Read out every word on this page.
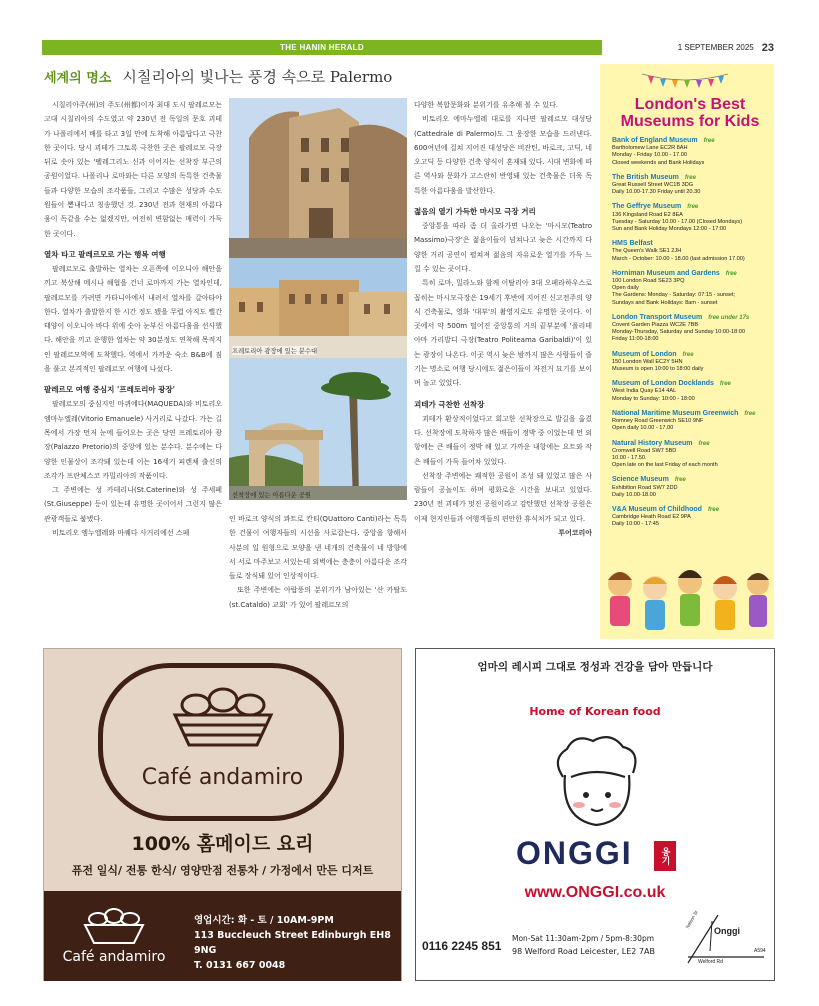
THE HANIN HERALD	1 SEPTEMBER 2025 23
세계의 명소 시칠리아의 빛나는 풍경 속으로 Palermo

시칠리아주(州)의 주도(州都)이자 최대 도시 팔레르모는 고대 시칠리아의 수도였고 약 230년 전 독일의 문호 괴테가 나폴리에서 배를 타고 3일 만에 도착해 아름답다고 극찬한 곳이다. 당시 괴테가 그토록 극찬한 곳은 팔레르모 극장 뒤로 솟아 있는 '펠레그리노 신과 이어지는 선착장 부근의 공원이었다. 나폴리나 로마와는 다른 모양의 독특한 건축물들과 다양한 모습의 조각품들, 그리고 수많은 성당과 수도원들이 뽐내다고 칭송했던 것. 230년 전과 현재의 아름다움이 독같을 수는 없겠지만, 여전히 변함없는 매력이 가득한 곳이다.

열차 타고 팔레르모로 가는 행복 여행

팔레르모로 출발하는 열차는 오픈쪽에 이오니아 해안을 끼고 북상해 메시나 해협을 건너 로마까지 가는 열차인데, 팔레르모를 가려면 카타니아에서 내려서 열차를 갈아타야 한다. 열차가 출발한지 한 시간 정도 됐을 무렵 아직도 뻘간 태양이 이오니아 바다 위에 숫아 눈부신 아름다움을 선사했다. 해안을 끼고 운행한 열차는 약 30분정도 연착해 목적지인 팔레르모역에 도착했다. 역에서 가까운 숙소 B&B에 짐을 풀고 본격적인 팔레르모 여행에 나섰다.

팔레르모 여행 중심지 '프레토리아 광장'

팔레르모의 중심지인 마퀴에다(MAQUEDA)와 비토리오 엠마누엘레(Vitorio Emanuele) 사거리로 나갔다. 가는 길목에서 가장 먼저 눈에 들어오는 곳은 당연 프레토리아 광장(Palazzo Pretorio)의 중앙에 있는 분수다. 분수에는 다양한 인물상이 조각돼 있는데 이는 16세기 피렌체 출신의 조각가 프란체스코 카밀리아의 작품이다.

그 주변에는 성 카테리나(St.Caterine)와 성 주세페(St.Giuseppe) 등이 있는데 유명한 곳이어서 그런지 많은 관광객들로 붐볐다.

비토리오 엠누엘레와 마퀘다 사거리에선 스페

프레토리아 광장에 있는 분수대
선착장에 있는 아름다운 공원

인 바로크 양식의 콰트로 칸티(QUattoro Canti)라는 독특한 건물이 여행자들의 시선을 사로잡는다. 중앙을 향해서 사분의 일 원형으로 모양을 낸 네개의 건축물이 네 방향에서 서로 마주보고 서있는데 외벽에는 층층이 아름다운 조각들로 장식돼 있어 인상적이다.

또한 주변에는 아랍풍의 분위기가 남아있는 '산 카탈도(st.Cataldo) 교회' 가 있어 팔레르모의

다양한 복합문화와 분위기를 유추해 볼 수 있다.

비토리오 에마누엘레 대로를 지나면 팔레르모 대성당(Cattedrale di Palermo)도 그 웅장한 모습을 드러낸다. 600여년에 걸쳐 지어진 대성당은 비잔틴, 바로크, 고딕, 네오고딕 등 다양한 건축 양식이 혼재돼 있다. 시대 변화에 따른 역사와 문화가 고스란히 반영돼 있는 건축물은 더욱 독특한 아름다움을 발산한다.

젊음의 열기 가득한 마시모 극장 거리

중앙통을 따라 좀 더 올라가면 나오는 '마시모(Teatro Massimo)극장'은 젊음이들이 넘쳐나고 늦은 시간까지 다양한 거리 공연이 펼쳐져 젊음의 자유로운 열기를 가득 느낄 수 있는 곳이다.

특히 로마, 밀라노와 함께 이탈리아 3대 오페라하우스로 꼽히는 마시모극장은 19세기 후반에 지어진 신고전주의 양식 건축물로, 영화 '대부'의 촬영지로도 유명한 곳이다. 이 곳에서 약 500m 떨어진 중앙통의 거의 끝부분에 '폴리테아마 가리발디 극장(Teatro Politeama Garibaldi)'이 있는 광장이 나온다. 이곳 역시 늦은 밤까지 많은 사람들이 즐기는 명소로 여행 당시에도 젊은이들이 자전거 묘기를 보이며 놀고 있었다.

괴테가 극찬한 선착장

괴테가 환상적이었다고 회고한 선착장으로 발길을 옮겼다. 선착장에 도착하자 많은 배들이 정박 중 이었는데 먼 외항에는 큰 배들이 정박 해 있고 가까운 내항에는 요트와 작은 배들이 가득 들어차 있었다.

선착장 주변에는 쾌적한 공원이 조성 돼 있었고 많은 사람들이 공놀이도 하며 평화로운 시간을 보내고 있었다. 230년 전 괴테가 멋진 공원이라고 감탄했던 선착장 공원은 이제 현지인들과 여행객들의 편안한 휴식처가 되고 있다.

투어코리아
London's Best Museums for Kids
Bank of England Museum free
Bartholomew Lane EC2R 8AH
Monday - Friday 10.00 - 17.00
Closed weekends and Bank Holidays
The British Museum free
Great Russell Street WC1B 3DG
Daily 10.00-17.30 Friday until 20.30
The Geffrye Museum free
136 Kingsland Road E2 8EA
Tuesday - Saturday 10.00 - 17.00 (Closed Mondays)
Sun and Bank Holiday Mondays 12:00 - 17:00
HMS Belfast
The Queen's Walk SE1 2JH
March - October: 10.00 - 18.00 (last admission 17.00)
Horniman Museum and Gardens free
100 London Road SE23 3PQ
Open daily
The Gardens: Monday - Saturday: 07:15 - sunset;
Sundays and Bank Holidays: 8am - sunset
London Transport Museum free under 17s
Covent Garden Piazza WC2E 7BB
Monday-Thursday, Saturday and Sunday 10:00-18:00
Friday 11:00-18:00
Museum of London free
150 London Wall EC2Y 5HN
Museum is open 10:00 to 18:00 daily
Museum of London Docklands free
West India Quay E14 4AL
Monday to Sunday: 10:00 - 18:00
National Maritime Museum Greenwich free
Romney Road Greenwich SE10 9NF
Open daily 10.00 - 17.00
Natural History Museum free
Cromwell Road SW7 5BD
10.00 - 17.50.
Open late on the last Friday of each month
Science Museum free
Exhibition Road SW7 2DD
Daily 10.00-18.00
V&A Museum of Childhood free
Cambridge Heath Road E2 9PA
Daily 10:00 - 17:45
Café andamiro
100% 홈메이드 요리
퓨전 일식/ 전통 한식/ 영양만점 전통차 / 가정에서 만든 디저트
Café andamiro
영업시간: 화 - 토 / 10AM-9PM
113 Buccleuch Street Edinburgh EH8 9NG
T. 0131 667 0048
엄마의 레시피 그대로 정성과 건강을 담아 만듭니다
Home of Korean food
ONGGI	옹기
www.ONGGI.co.uk
0116 2245 851
Mon-Sat 11:30am-2pm / 5pm-8:30pm
98 Welford Road Leicester, LE2 7AB
Onggi
Welford Rd
Nelson St
A594
